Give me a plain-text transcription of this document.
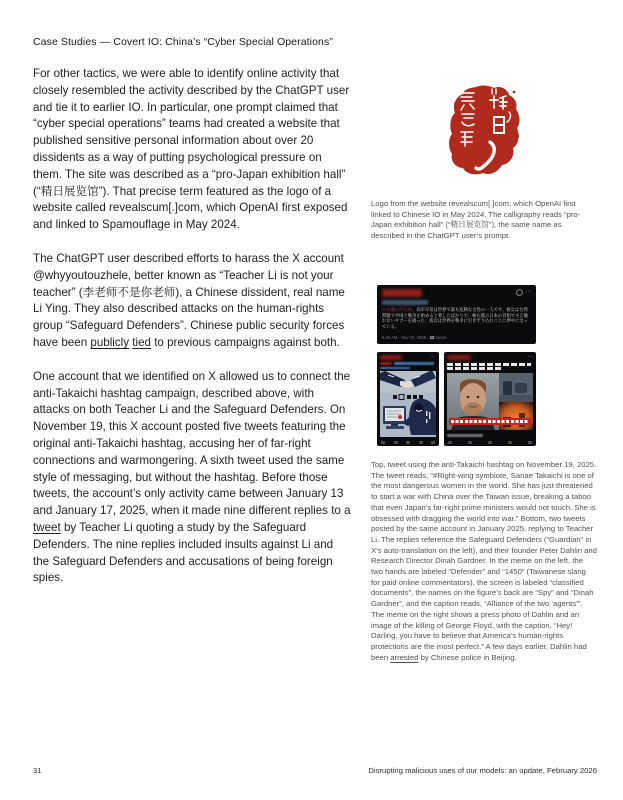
Case Studies — Covert IO: China’s “Cyber Special Operations”

For other tactics, we were able to identify online activity that closely resembled the activity described by the ChatGPT user and tie it to earlier IO. In particular, one prompt claimed that “cyber special operations” teams had created a website that published sensitive personal information about over 20 dissidents as a way of putting psychological pressure on them. The site was described as a “pro-Japan exhibition hall” (“精日展览馆”). That precise term featured as the logo of a website called revealscum[.]com, which OpenAI first exposed and linked to Spamouflage in May 2024.

The ChatGPT user described efforts to harass the X account @whyyoutouzhele, better known as “Teacher Li is not your teacher” (李老师不是你老师), a Chinese dissident, real name Li Ying. They also described attacks on the human-rights group “Safeguard Defenders”. Chinese public security forces have been publicly tied to previous campaigns against both.

One account that we identified on X allowed us to connect the anti-Takaichi hashtag campaign, described above, with attacks on both Teacher Li and the Safeguard Defenders. On November 19, this X account posted five tweets featuring the original anti-Takaichi hashtag, accusing her of far-right connections and warmongering. A sixth tweet used the same style of messaging, but without the hashtag. Before those tweets, the account’s only activity came between January 13 and January 17, 2025, when it made nine different replies to a tweet by Teacher Li quoting a study by the Safeguard Defenders. The nine replies included insults against Li and the Safeguard Defenders and accusations of being foreign spies.

Logo from the website revealscum[.]com, which OpenAI first linked to Chinese IO in May 2024. The calligraphy reads “pro-Japan exhibition hall” (“精日展览馆”), the same name as described in the ChatGPT user’s prompt.
⋯
＃右翼の共生体、高市早苗は世界で最も危険な女性の一人です。彼女は台湾問題で中国と戦争を始めると脅したばかりで、極右派の日本の首相でさえ触れないタブーを破った、彼女は世界を戦争に引きずり込むことに夢中になっている。
8:48 AM · Nov 19, 2025 · 12 Views
⋯	⋯
Top, tweet using the anti-Takaichi hashtag on November 19, 2025. The tweet reads, “#Right-wing symbiote, Sanae Takaichi is one of the most dangerous women in the world. She has just threatened to start a war with China over the Taiwan issue, breaking a taboo that even Japan’s far-right prime ministers would not touch. She is obsessed with dragging the world into war.” Bottom, two tweets posted by the same account in January 2025, replying to Teacher Li. The replies reference the Safeguard Defenders (“Guardian” in X’s auto-translation on the left), and their founder Peter Dahlin and Research Director Dinah Gardner. In the meme on the left, the two hands are labeled “Defender” and “1450” (Taiwanese slang for paid online commentators), the screen is labeled “classified documents”, the names on the figure’s back are “Spy” and “Dinah Gardner”, and the caption reads, “Alliance of the two ‘agents’”. The meme on the right shows a press photo of Dahlin and an image of the killing of George Floyd, with the caption, “Hey! Darling, you have to believe that America’s human-rights protections are the most perfect.” A few days earlier, Dahlin had been arrested by Chinese police in Beijing.
31	Disrupting malicious uses of our models: an update, February 2026
